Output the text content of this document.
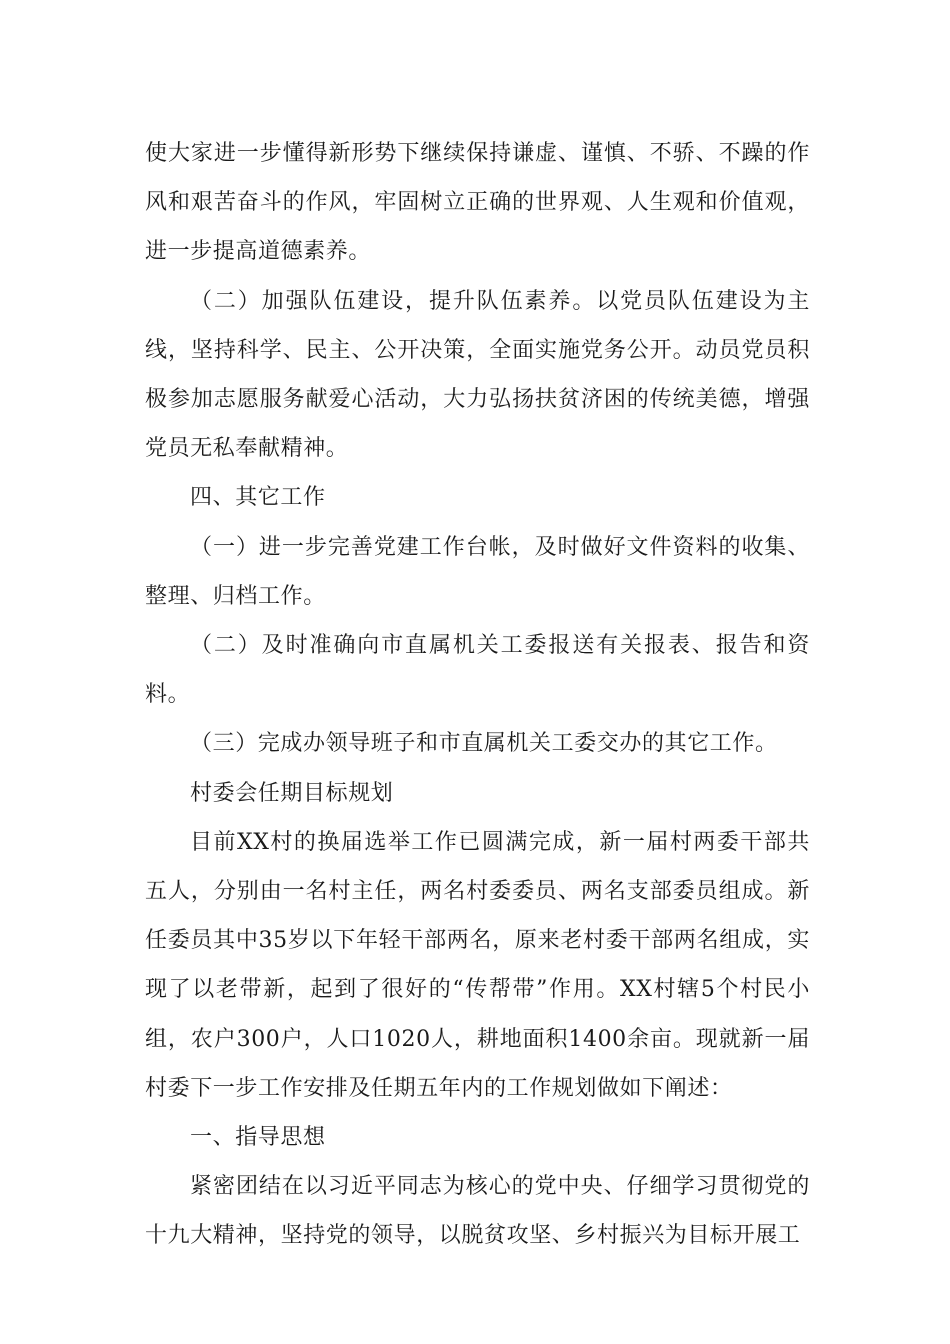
使大家进一步懂得新形势下继续保持谦虚、谨慎、不骄、不躁的作风和艰苦奋斗的作风，牢固树立正确的世界观、人生观和价值观，进一步提高道德素养。

（二）加强队伍建设，提升队伍素养。以党员队伍建设为主线，坚持科学、民主、公开决策，全面实施党务公开。动员党员积极参加志愿服务献爱心活动，大力弘扬扶贫济困的传统美德，增强党员无私奉献精神。

四、其它工作

（一）进一步完善党建工作台帐，及时做好文件资料的收集、整理、归档工作。

（二）及时准确向市直属机关工委报送有关报表、报告和资料。

（三）完成办领导班子和市直属机关工委交办的其它工作。

村委会任期目标规划

目前XX村的换届选举工作已圆满完成，新一届村两委干部共五人，分别由一名村主任，两名村委委员、两名支部委员组成。新任委员其中35岁以下年轻干部两名，原来老村委干部两名组成，实现了以老带新，起到了很好的“传帮带”作用。XX村辖5个村民小组，农户300户，人口1020人，耕地面积1400余亩。现就新一届村委下一步工作安排及任期五年内的工作规划做如下阐述：

一、指导思想

紧密团结在以习近平同志为核心的党中央、仔细学习贯彻党的十九大精神，坚持党的领导，以脱贫攻坚、乡村振兴为目标开展工
